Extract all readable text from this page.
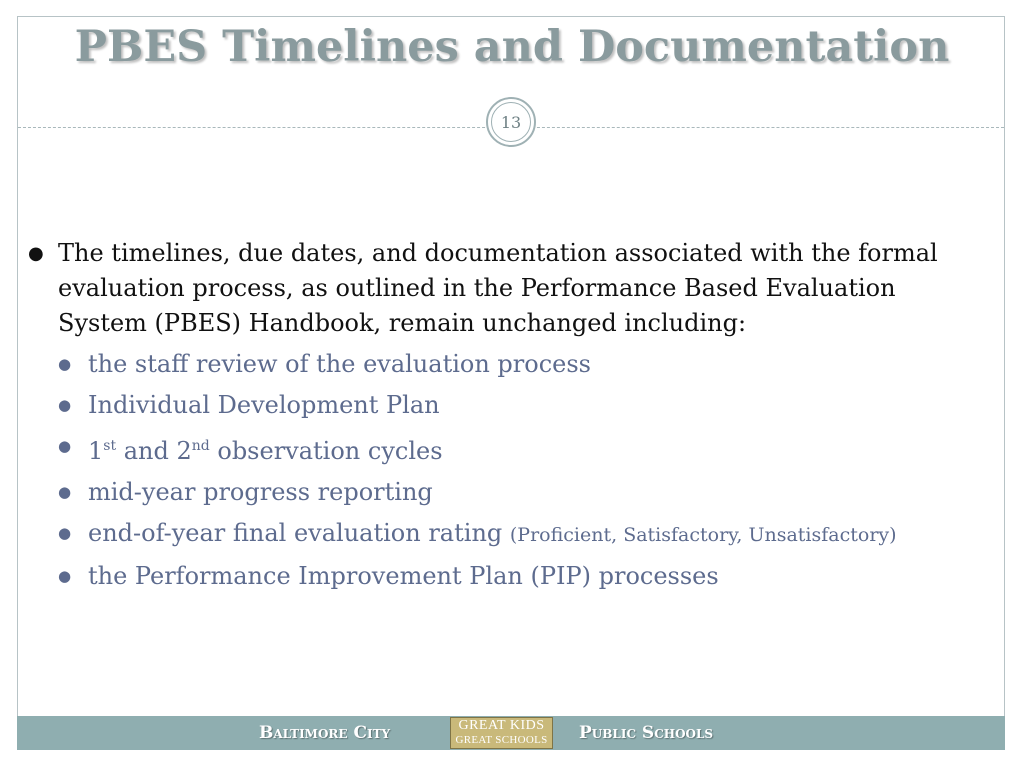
PBES Timelines and Documentation
13
● The timelines, due dates, and documentation associated with the formal evaluation process, as outlined in the Performance Based Evaluation System (PBES) Handbook, remain unchanged including:
● the staff review of the evaluation process
● Individual Development Plan
● 1st and 2nd observation cycles
● mid-year progress reporting
● end-of-year final evaluation rating (Proficient, Satisfactory, Unsatisfactory)
● the Performance Improvement Plan (PIP) processes
Baltimore City	GREAT KIDS
GREAT SCHOOLS Public Schools
